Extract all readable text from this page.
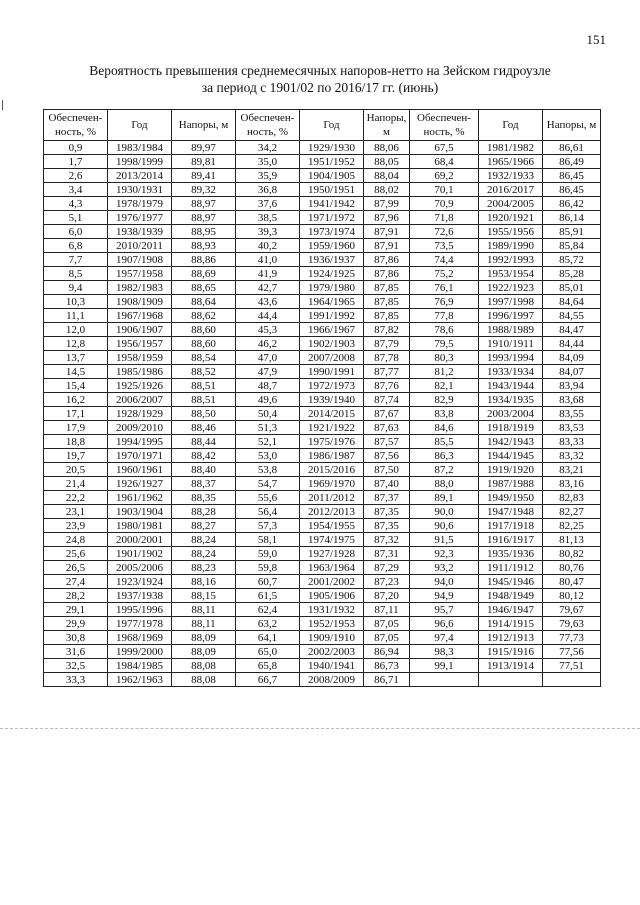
151
Вероятность превышения среднемесячных напоров-нетто на Зейском гидроузле
за период с 1901/02 по 2016/17 гг. (июнь)
Обеспечен-ность, %	Год	Напоры, м	Обеспечен-ность, %	Год	Напоры, м	Обеспечен-ность, %	Год	Напоры, м
0,9	1983/1984	89,97	34,2	1929/1930	88,06	67,5	1981/1982	86,61
1,7	1998/1999	89,81	35,0	1951/1952	88,05	68,4	1965/1966	86,49
2,6	2013/2014	89,41	35,9	1904/1905	88,04	69,2	1932/1933	86,45
3,4	1930/1931	89,32	36,8	1950/1951	88,02	70,1	2016/2017	86,45
4,3	1978/1979	88,97	37,6	1941/1942	87,99	70,9	2004/2005	86,42
5,1	1976/1977	88,97	38,5	1971/1972	87,96	71,8	1920/1921	86,14
6,0	1938/1939	88,95	39,3	1973/1974	87,91	72,6	1955/1956	85,91
6,8	2010/2011	88,93	40,2	1959/1960	87,91	73,5	1989/1990	85,84
7,7	1907/1908	88,86	41,0	1936/1937	87,86	74,4	1992/1993	85,72
8,5	1957/1958	88,69	41,9	1924/1925	87,86	75,2	1953/1954	85,28
9,4	1982/1983	88,65	42,7	1979/1980	87,85	76,1	1922/1923	85,01
10,3	1908/1909	88,64	43,6	1964/1965	87,85	76,9	1997/1998	84,64
11,1	1967/1968	88,62	44,4	1991/1992	87,85	77,8	1996/1997	84,55
12,0	1906/1907	88,60	45,3	1966/1967	87,82	78,6	1988/1989	84,47
12,8	1956/1957	88,60	46,2	1902/1903	87,79	79,5	1910/1911	84,44
13,7	1958/1959	88,54	47,0	2007/2008	87,78	80,3	1993/1994	84,09
14,5	1985/1986	88,52	47,9	1990/1991	87,77	81,2	1933/1934	84,07
15,4	1925/1926	88,51	48,7	1972/1973	87,76	82,1	1943/1944	83,94
16,2	2006/2007	88,51	49,6	1939/1940	87,74	82,9	1934/1935	83,68
17,1	1928/1929	88,50	50,4	2014/2015	87,67	83,8	2003/2004	83,55
17,9	2009/2010	88,46	51,3	1921/1922	87,63	84,6	1918/1919	83,53
18,8	1994/1995	88,44	52,1	1975/1976	87,57	85,5	1942/1943	83,33
19,7	1970/1971	88,42	53,0	1986/1987	87,56	86,3	1944/1945	83,32
20,5	1960/1961	88,40	53,8	2015/2016	87,50	87,2	1919/1920	83,21
21,4	1926/1927	88,37	54,7	1969/1970	87,40	88,0	1987/1988	83,16
22,2	1961/1962	88,35	55,6	2011/2012	87,37	89,1	1949/1950	82,83
23,1	1903/1904	88,28	56,4	2012/2013	87,35	90,0	1947/1948	82,27
23,9	1980/1981	88,27	57,3	1954/1955	87,35	90,6	1917/1918	82,25
24,8	2000/2001	88,24	58,1	1974/1975	87,32	91,5	1916/1917	81,13
25,6	1901/1902	88,24	59,0	1927/1928	87,31	92,3	1935/1936	80,82
26,5	2005/2006	88,23	59,8	1963/1964	87,29	93,2	1911/1912	80,76
27,4	1923/1924	88,16	60,7	2001/2002	87,23	94,0	1945/1946	80,47
28,2	1937/1938	88,15	61,5	1905/1906	87,20	94,9	1948/1949	80,12
29,1	1995/1996	88,11	62,4	1931/1932	87,11	95,7	1946/1947	79,67
29,9	1977/1978	88,11	63,2	1952/1953	87,05	96,6	1914/1915	79,63
30,8	1968/1969	88,09	64,1	1909/1910	87,05	97,4	1912/1913	77,73
31,6	1999/2000	88,09	65,0	2002/2003	86,94	98,3	1915/1916	77,56
32,5	1984/1985	88,08	65,8	1940/1941	86,73	99,1	1913/1914	77,51
33,3	1962/1963	88,08	66,7	2008/2009	86,71			
